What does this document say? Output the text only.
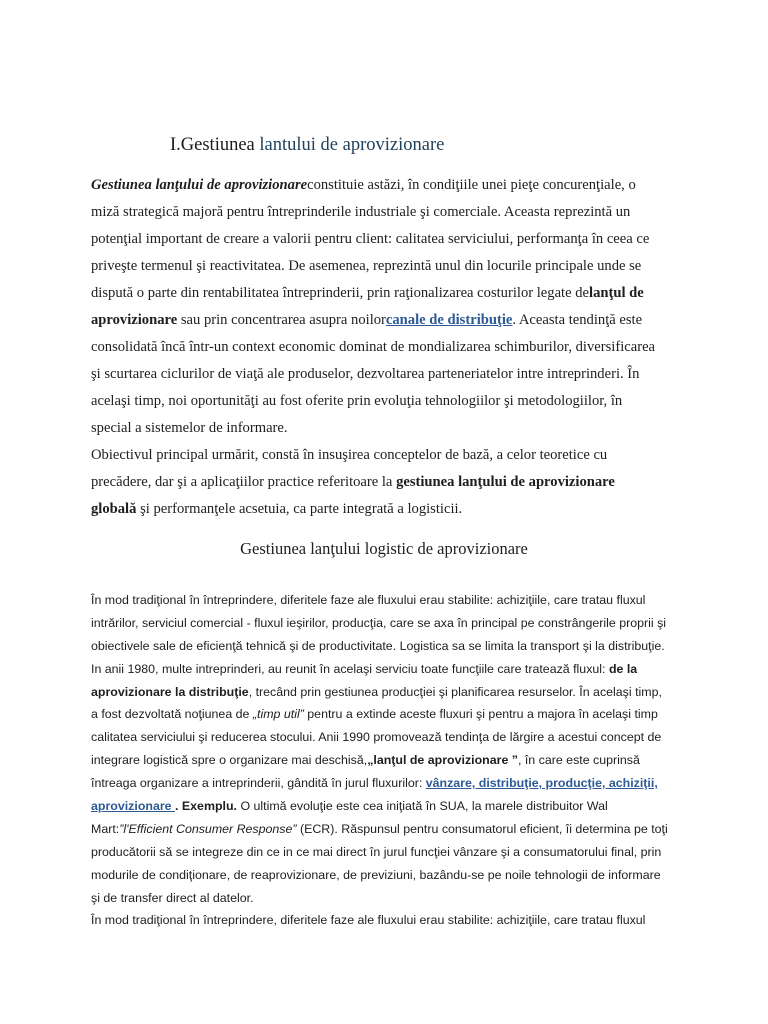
I.Gestiunea lantului de aprovizionare
Gestiunea lanţului de aprovizionareconstituie astăzi, în condiţiile unei pieţe concurenţiale, o
miză strategică majoră pentru întreprinderile industriale şi comerciale. Aceasta reprezintă un
potenţial important de creare a valorii pentru client: calitatea serviciului, performanţa în ceea ce
priveşte termenul şi reactivitatea. De asemenea, reprezintă unul din locurile principale unde se
dispută o parte din rentabilitatea întreprinderii, prin raţionalizarea costurilor legate delanţul de
aprovizionare sau prin concentrarea asupra noilorcanale de distribuţie. Aceasta tendinţă este
consolidată încă într-un context economic dominat de mondializarea schimburilor, diversificarea
şi scurtarea ciclurilor de viaţă ale produselor, dezvoltarea parteneriatelor intre intreprinderi. În
acelaşi timp, noi oportunităţi au fost oferite prin evoluţia tehnologiilor şi metodologiilor, în
special a sistemelor de informare.
Obiectivul principal urmărit, constă în insuşirea conceptelor de bază, a celor teoretice cu
precădere, dar şi a aplicaţiilor practice referitoare la gestiunea lanţului de aprovizionare
globală şi performanţele acsetuia, ca parte integrată a logisticii.
Gestiunea lanţului logistic de aprovizionare
În mod tradiţional în întreprindere, diferitele faze ale fluxului erau stabilite: achiziţiile, care tratau fluxul
intrărilor, serviciul comercial - fluxul ieşirilor, producţia, care se axa în principal pe constrângerile proprii şi
obiectivele sale de eficienţă tehnică şi de productivitate. Logistica sa se limita la transport şi la distribuţie.
In anii 1980, multe intreprinderi, au reunit în acelaşi serviciu toate funcţiile care tratează fluxul: de la
aprovizionare la distribuţie, trecând prin gestiunea producţiei şi planificarea resurselor. În acelaşi timp,
a fost dezvoltată noţiunea de „timp util” pentru a extinde aceste fluxuri şi pentru a majora în acelaşi timp
calitatea serviciului şi reducerea stocului. Anii 1990 promovează tendinţa de lărgire a acestui concept de
integrare logistică spre o organizare mai deschisă,„lanţul de aprovizionare ”, în care este cuprinsă
întreaga organizare a intreprinderii, gândită în jurul fluxurilor: vânzare, distribuţie, producţie, achiziţii,
aprovizionare . Exemplu. O ultimă evoluţie este cea iniţiată în SUA, la marele distribuitor Wal
Mart:”l'Efficient Consumer Response” (ECR). Răspunsul pentru consumatorul eficient, îi determina pe toţi
producătorii să se integreze din ce in ce mai direct în jurul funcţiei vânzare şi a consumatorului final, prin
modurile de condiţionare, de reaprovizionare, de previziuni, bazându-se pe noile tehnologii de informare
şi de transfer direct al datelor.
În mod tradiţional în întreprindere, diferitele faze ale fluxului erau stabilite: achiziţiile, care tratau fluxul
